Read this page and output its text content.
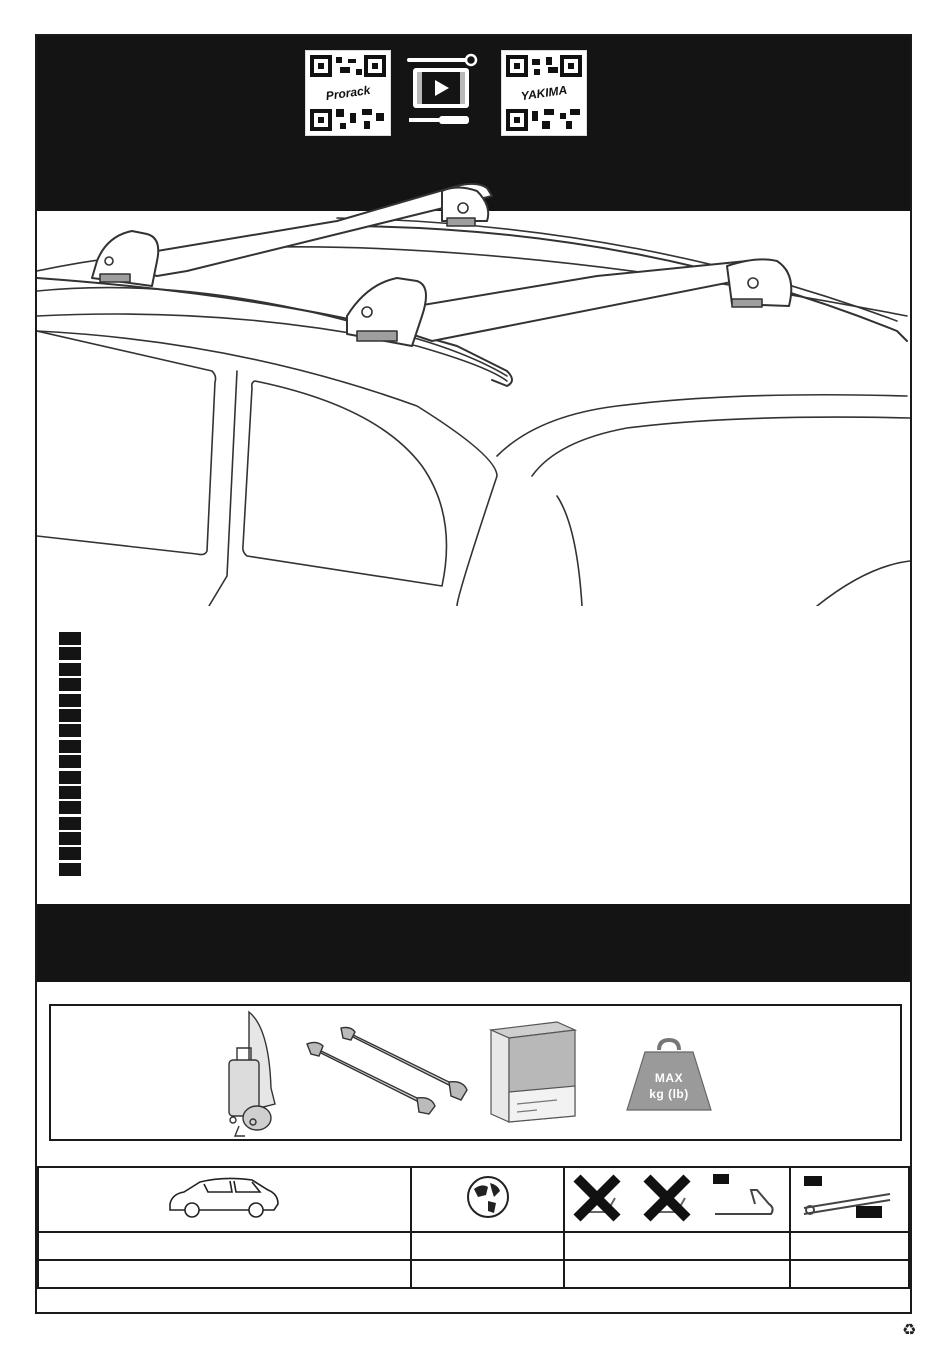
Prorack	YAKIMA
MAX
kg (lb)

♻
